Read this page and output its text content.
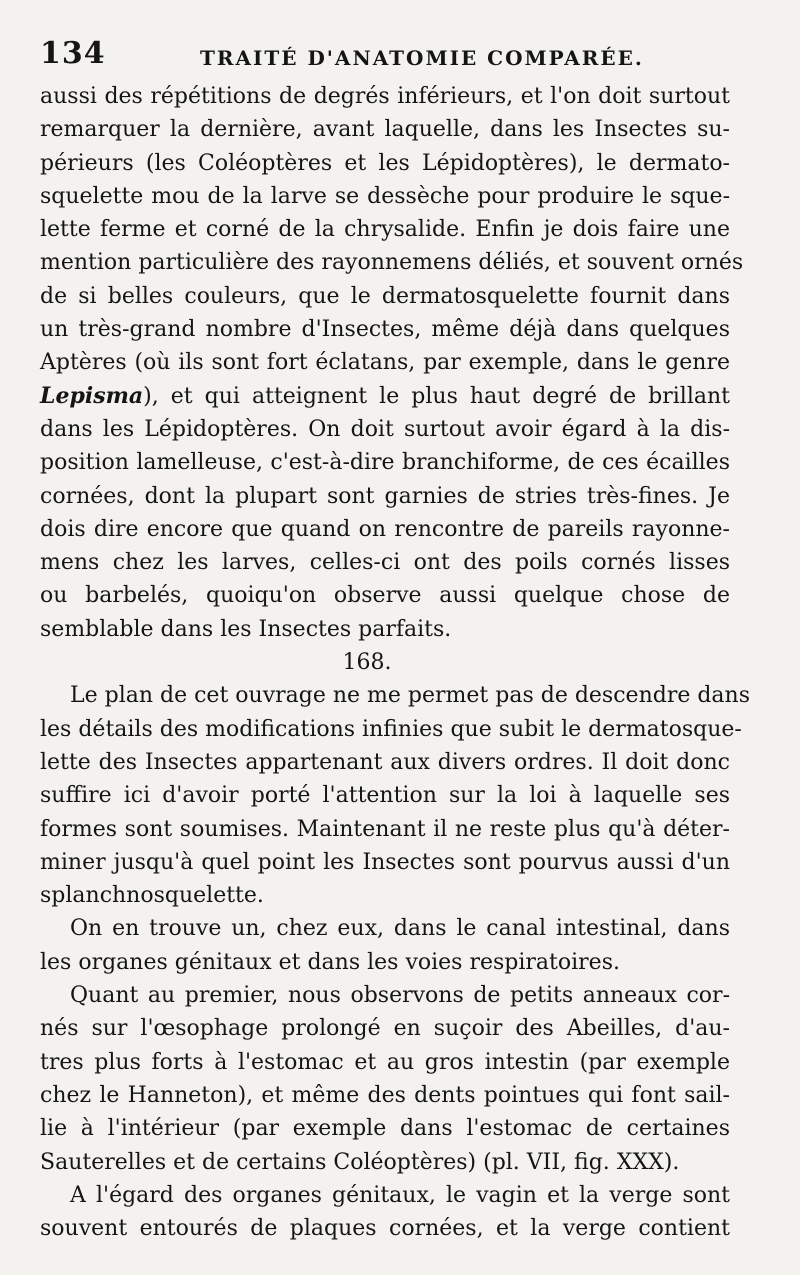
134	TRAITÉ D'ANATOMIE COMPARÉE.
aussi des répétitions de degrés inférieurs, et l'on doit surtout
remarquer la dernière, avant laquelle, dans les Insectes su-
périeurs (les Coléoptères et les Lépidoptères), le dermato-
squelette mou de la larve se dessèche pour produire le sque-
lette ferme et corné de la chrysalide. Enfin je dois faire une
mention particulière des rayonnemens déliés, et souvent ornés
de si belles couleurs, que le dermatosquelette fournit dans
un très-grand nombre d'Insectes, même déjà dans quelques
Aptères (où ils sont fort éclatans, par exemple, dans le genre
Lepisma), et qui atteignent le plus haut degré de brillant
dans les Lépidoptères. On doit surtout avoir égard à la dis-
position lamelleuse, c'est-à-dire branchiforme, de ces écailles
cornées, dont la plupart sont garnies de stries très-fines. Je
dois dire encore que quand on rencontre de pareils rayonne-
mens chez les larves, celles-ci ont des poils cornés lisses
ou barbelés, quoiqu'on observe aussi quelque chose de
semblable dans les Insectes parfaits.
168.
Le plan de cet ouvrage ne me permet pas de descendre dans
les détails des modifications infinies que subit le dermatosque-
lette des Insectes appartenant aux divers ordres. Il doit donc
suffire ici d'avoir porté l'attention sur la loi à laquelle ses
formes sont soumises. Maintenant il ne reste plus qu'à déter-
miner jusqu'à quel point les Insectes sont pourvus aussi d'un
splanchnosquelette.
On en trouve un, chez eux, dans le canal intestinal, dans
les organes génitaux et dans les voies respiratoires.
Quant au premier, nous observons de petits anneaux cor-
nés sur l'œsophage prolongé en suçoir des Abeilles, d'au-
tres plus forts à l'estomac et au gros intestin (par exemple
chez le Hanneton), et même des dents pointues qui font sail-
lie à l'intérieur (par exemple dans l'estomac de certaines
Sauterelles et de certains Coléoptères) (pl. VII, fig. XXX).
A l'égard des organes génitaux, le vagin et la verge sont
souvent entourés de plaques cornées, et la verge contient
